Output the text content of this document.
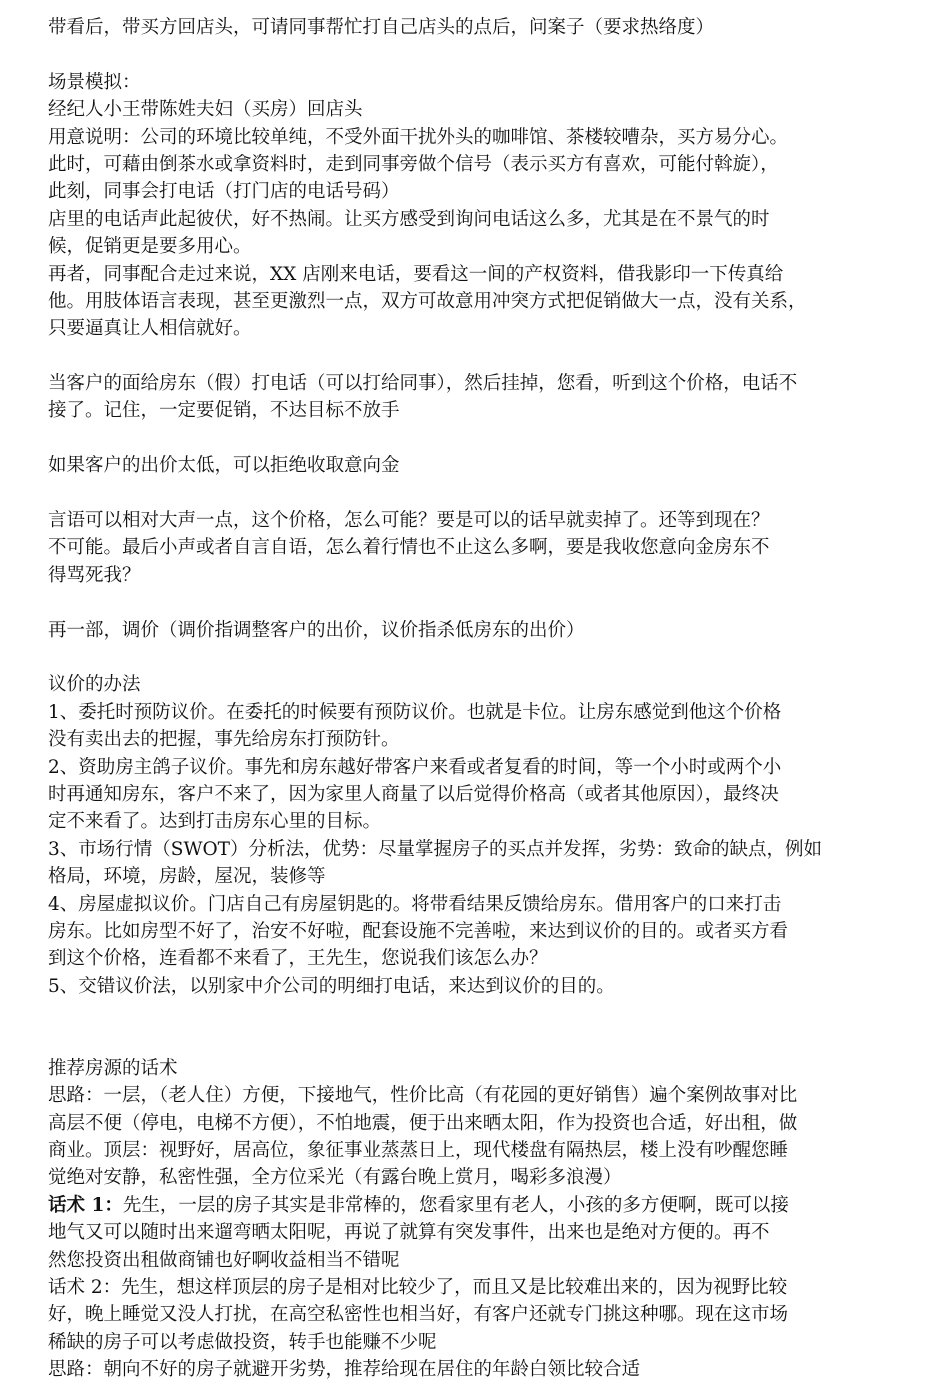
带看后，带买方回店头，可请同事帮忙打自己店头的点后，问案子（要求热络度）
场景模拟：
经纪人小王带陈姓夫妇（买房）回店头
用意说明：公司的环境比较单纯，不受外面干扰外头的咖啡馆、茶楼较嘈杂，买方易分心。
此时，可藉由倒茶水或拿资料时，走到同事旁做个信号（表示买方有喜欢，可能付斡旋），
此刻，同事会打电话（打门店的电话号码）
店里的电话声此起彼伏，好不热闹。让买方感受到询问电话这么多，尤其是在不景气的时
候，促销更是要多用心。
再者，同事配合走过来说，XX 店刚来电话，要看这一间的产权资料，借我影印一下传真给
他。用肢体语言表现，甚至更激烈一点，双方可故意用冲突方式把促销做大一点，没有关系，
只要逼真让人相信就好。
当客户的面给房东（假）打电话（可以打给同事），然后挂掉，您看，听到这个价格，电话不
接了。记住，一定要促销，不达目标不放手
如果客户的出价太低，可以拒绝收取意向金
言语可以相对大声一点，这个价格，怎么可能？要是可以的话早就卖掉了。还等到现在？
不可能。最后小声或者自言自语，怎么着行情也不止这么多啊，要是我收您意向金房东不
得骂死我？
再一部，调价（调价指调整客户的出价，议价指杀低房东的出价）
议价的办法
1、委托时预防议价。在委托的时候要有预防议价。也就是卡位。让房东感觉到他这个价格
没有卖出去的把握，事先给房东打预防针。
2、资助房主鸽子议价。事先和房东越好带客户来看或者复看的时间，等一个小时或两个小
时再通知房东，客户不来了，因为家里人商量了以后觉得价格高（或者其他原因），最终决
定不来看了。达到打击房东心里的目标。
3、市场行情（SWOT）分析法，优势：尽量掌握房子的买点并发挥，劣势：致命的缺点，例如
格局，环境，房龄，屋况，装修等
4、房屋虚拟议价。门店自己有房屋钥匙的。将带看结果反馈给房东。借用客户的口来打击
房东。比如房型不好了，治安不好啦，配套设施不完善啦，来达到议价的目的。或者买方看
到这个价格，连看都不来看了，王先生，您说我们该怎么办？
5、交错议价法，以别家中介公司的明细打电话，来达到议价的目的。
推荐房源的话术
思路：一层，（老人住）方便，下接地气，性价比高（有花园的更好销售）遍个案例故事对比
高层不便（停电，电梯不方便），不怕地震，便于出来晒太阳，作为投资也合适，好出租，做
商业。顶层：视野好，居高位，象征事业蒸蒸日上，现代楼盘有隔热层，楼上没有吵醒您睡
觉绝对安静，私密性强，全方位采光（有露台晚上赏月，喝彩多浪漫）
话术 1：先生，一层的房子其实是非常棒的，您看家里有老人，小孩的多方便啊，既可以接
地气又可以随时出来遛弯晒太阳呢，再说了就算有突发事件，出来也是绝对方便的。再不
然您投资出租做商铺也好啊收益相当不错呢
话术 2：先生，想这样顶层的房子是相对比较少了，而且又是比较难出来的，因为视野比较
好，晚上睡觉又没人打扰，在高空私密性也相当好，有客户还就专门挑这种哪。现在这市场
稀缺的房子可以考虑做投资，转手也能赚不少呢
思路：朝向不好的房子就避开劣势，推荐给现在居住的年龄白领比较合适
